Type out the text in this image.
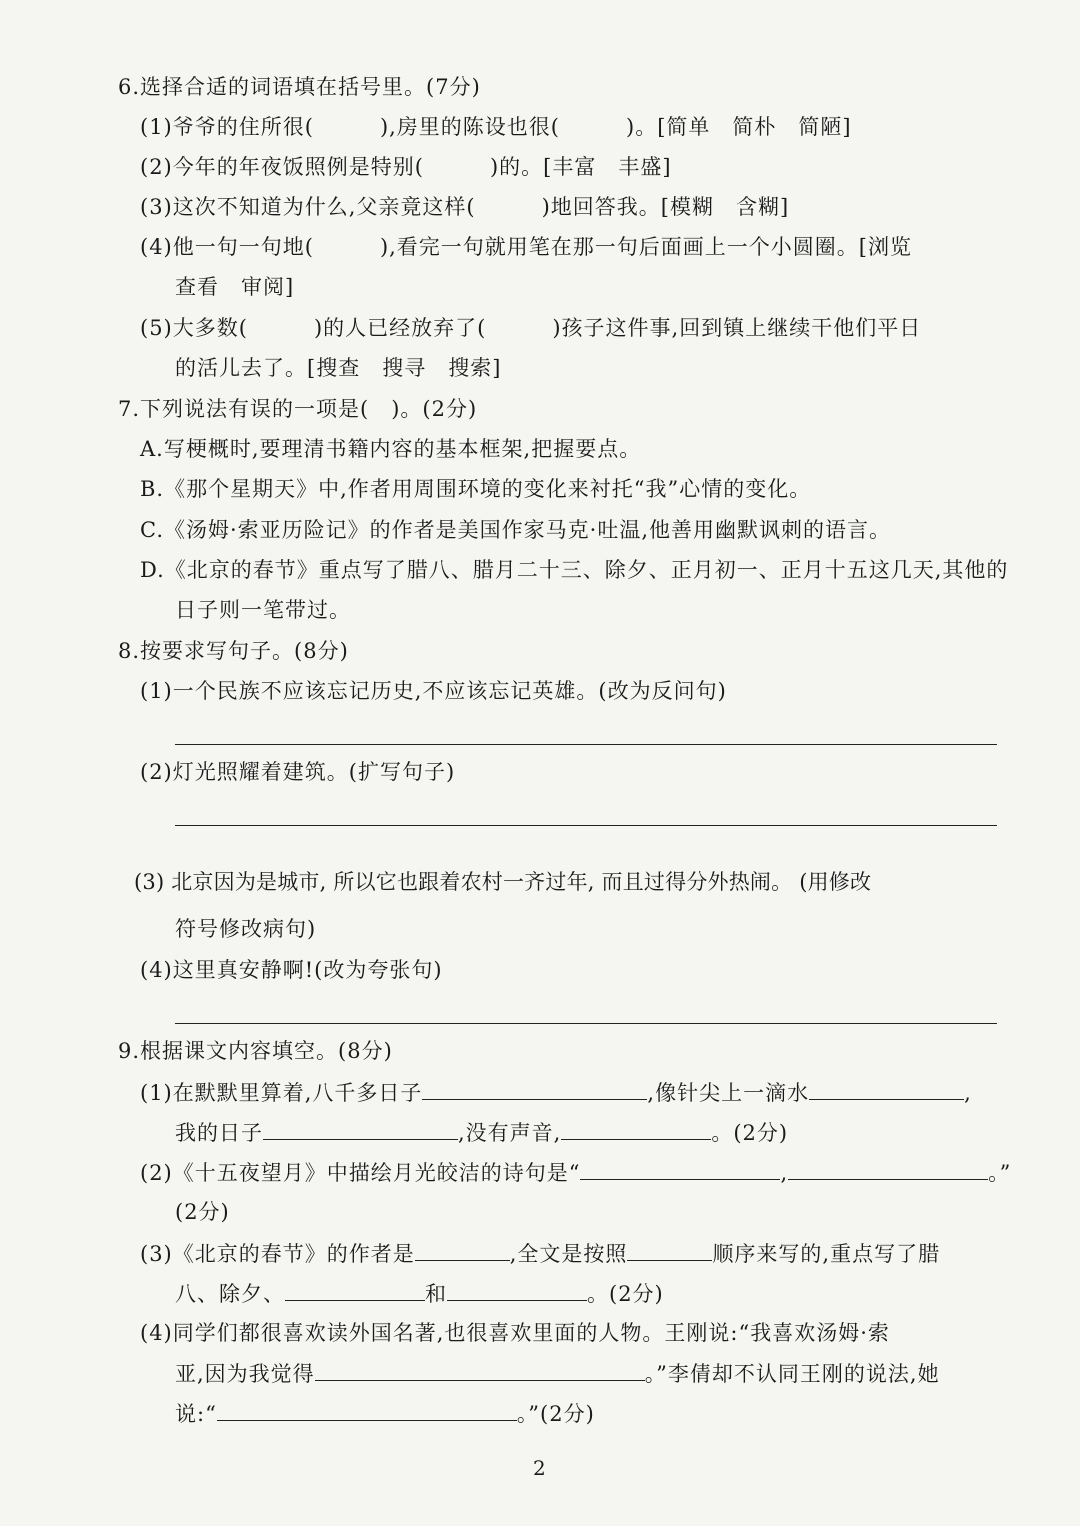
6.选择合适的词语填在括号里。(7分)
(1)爷爷的住所很(　　　),房里的陈设也很(　　　)。[简单　简朴　简陋]
(2)今年的年夜饭照例是特别(　　　)的。[丰富　丰盛]
(3)这次不知道为什么,父亲竟这样(　　　)地回答我。[模糊　含糊]
(4)他一句一句地(　　　),看完一句就用笔在那一句后面画上一个小圆圈。[浏览
查看　审阅]
(5)大多数(　　　)的人已经放弃了(　　　)孩子这件事,回到镇上继续干他们平日
的活儿去了。[搜查　搜寻　搜索]
7.下列说法有误的一项是(　)。(2分)
A.写梗概时,要理清书籍内容的基本框架,把握要点。
B.《那个星期天》中,作者用周围环境的变化来衬托“我”心情的变化。
C.《汤姆·索亚历险记》的作者是美国作家马克·吐温,他善用幽默讽刺的语言。
D.《北京的春节》重点写了腊八、腊月二十三、除夕、正月初一、正月十五这几天,其他的
日子则一笔带过。
8.按要求写句子。(8分)
(1)一个民族不应该忘记历史,不应该忘记英雄。(改为反问句)
(2)灯光照耀着建筑。(扩写句子)
(3) 北京因为是城市, 所以它也跟着农村一齐过年, 而且过得分外热闹。 (用修改
符号修改病句)
(4)这里真安静啊!(改为夸张句)
9.根据课文内容填空。(8分)
(1)在默默里算着,八千多日子	,像针尖上一滴水	,
我的日子	,没有声音,	。(2分)
(2)《十五夜望月》中描绘月光皎洁的诗句是“	,	。”
(2分)
(3)《北京的春节》的作者是	,全文是按照	顺序来写的,重点写了腊
八、除夕、	和	。(2分)
(4)同学们都很喜欢读外国名著,也很喜欢里面的人物。王刚说:“我喜欢汤姆·索
亚,因为我觉得	。”李倩却不认同王刚的说法,她
说:“	。”(2分)
2
